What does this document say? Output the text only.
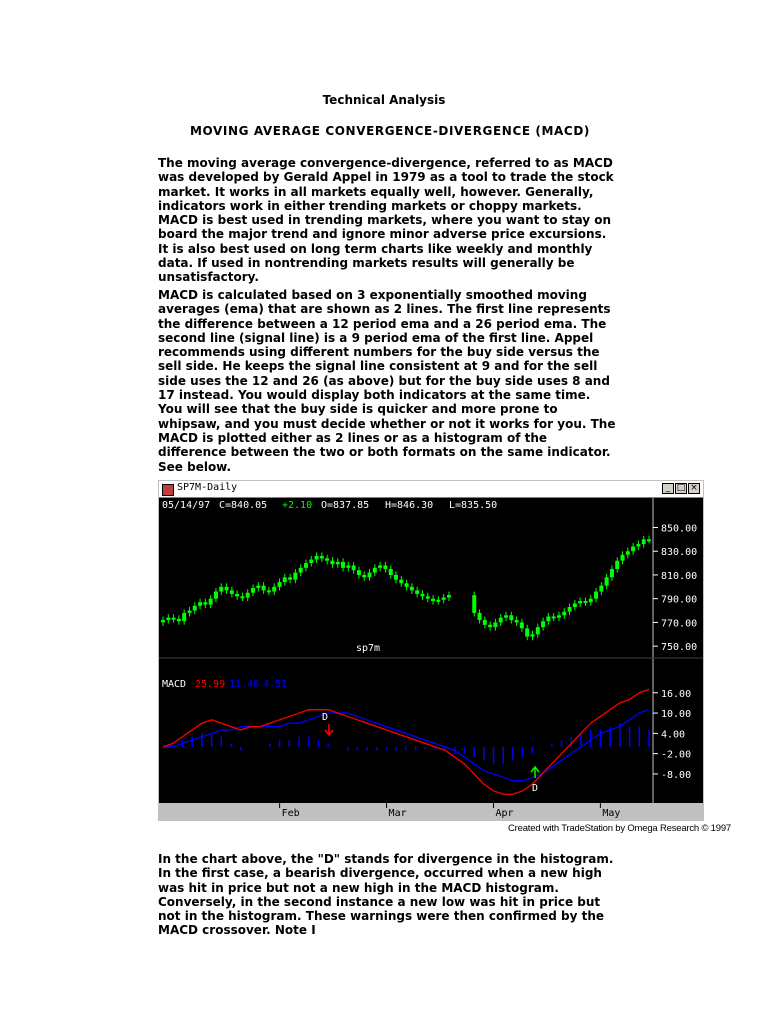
Technical Analysis
MOVING AVERAGE CONVERGENCE-DIVERGENCE (MACD)

The moving average convergence-divergence, referred to as MACD was developed by Gerald Appel in 1979 as a tool to trade the stock market. It works in all markets equally well, however. Generally, indicators work in either trending markets or choppy markets. MACD is best used in trending markets, where you want to stay on board the major trend and ignore minor adverse price excursions. It is also best used on long term charts like weekly and monthly data. If used in nontrending markets results will generally be unsatisfactory.

MACD is calculated based on 3 exponentially smoothed moving averages (ema) that are shown as 2 lines. The first line represents the difference between a 12 period ema and a 26 period ema. The second line (signal line) is a 9 period ema of the first line. Appel recommends using different numbers for the buy side versus the sell side. He keeps the signal line consistent at 9 and for the sell side uses the 12 and 26 (as above) but for the buy side uses 8 and 17 instead. You would display both indicators at the same time. You will see that the buy side is quicker and more prone to whipsaw, and you must decide whether or not it works for you. The MACD is plotted either as 2 lines or as a histogram of the difference between the two or both formats on the same indicator. See below.

SP7M-Daily	_ □ ×
05/14/97 C=840.05 +2.10 O=837.85 H=846.30 L=835.50
850.00
830.00
810.00
790.00
770.00
750.00
sp7m
MACD 25.99 11.48 4.51
16.00
10.00
4.00
-2.00
-8.00
D
D
Feb	Mar	Apr	May
Created with TradeStation by Omega Research © 1997

In the chart above, the "D" stands for divergence in the histogram. In the first case, a bearish divergence, occurred when a new high was hit in price but not a new high in the MACD histogram. Conversely, in the second instance a new low was hit in price but not in the histogram. These warnings were then confirmed by the MACD crossover. Note I
